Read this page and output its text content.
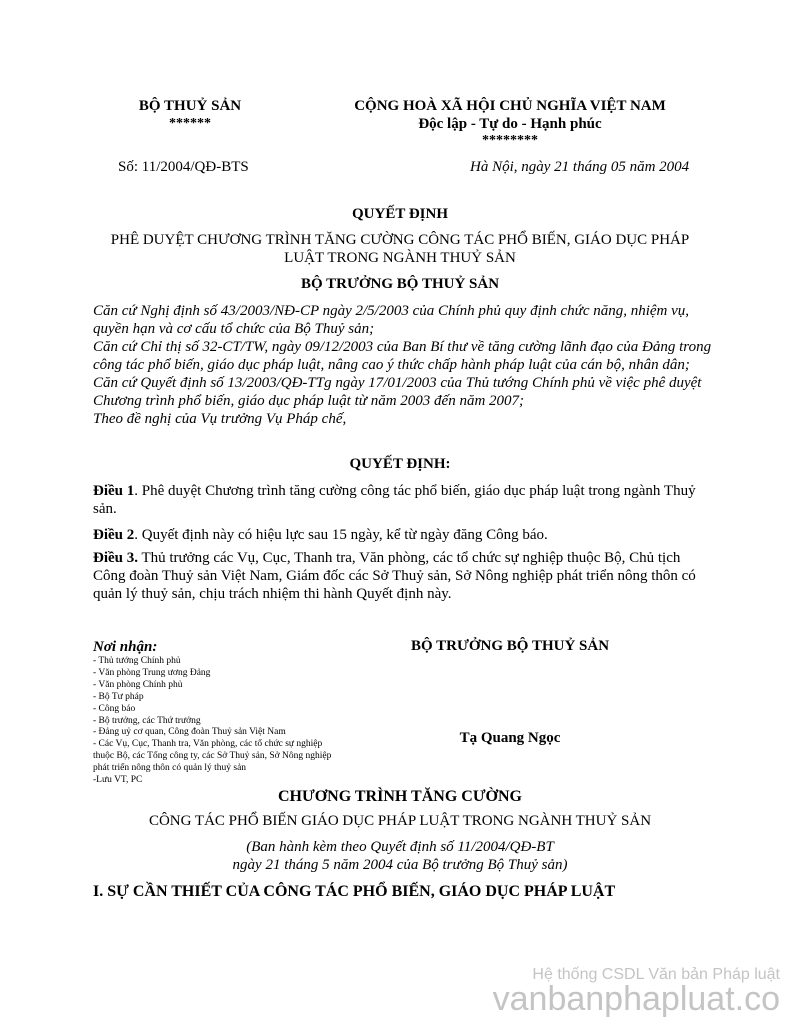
BỘ THUỶ SẢN
******
CỘNG HOÀ XÃ HỘI CHỦ NGHĨA VIỆT NAM
Độc lập - Tự do - Hạnh phúc
********
Số: 11/2004/QĐ-BTS	Hà Nội, ngày 21 tháng 05 năm 2004
QUYẾT ĐỊNH
PHÊ DUYỆT CHƯƠNG TRÌNH TĂNG CƯỜNG CÔNG TÁC PHỔ BIẾN, GIÁO DỤC PHÁP
LUẬT TRONG NGÀNH THUỶ SẢN
BỘ TRƯỞNG BỘ THUỶ SẢN
Căn cứ Nghị định số 43/2003/NĐ-CP ngày 2/5/2003 của Chính phủ quy định chức năng, nhiệm vụ, quyền hạn và cơ cấu tổ chức của Bộ Thuỷ sản;
Căn cứ Chỉ thị số 32-CT/TW, ngày 09/12/2003 của Ban Bí thư về tăng cường lãnh đạo của Đảng trong công tác phổ biến, giáo dục pháp luật, nâng cao ý thức chấp hành pháp luật của cán bộ, nhân dân;
Căn cứ Quyết định số 13/2003/QĐ-TTg ngày 17/01/2003 của Thủ tướng Chính phủ về việc phê duyệt Chương trình phổ biến, giáo dục pháp luật từ năm 2003 đến năm 2007;
Theo đề nghị của Vụ trưởng Vụ Pháp chế,
QUYẾT ĐỊNH:
Điều 1. Phê duyệt Chương trình tăng cường công tác phổ biến, giáo dục pháp luật trong ngành Thuỷ sản.
Điều 2. Quyết định này có hiệu lực sau 15 ngày, kể từ ngày đăng Công báo.
Điều 3. Thủ trưởng các Vụ, Cục, Thanh tra, Văn phòng, các tổ chức sự nghiệp thuộc Bộ, Chủ tịch Công đoàn Thuỷ sản Việt Nam, Giám đốc các Sở Thuỷ sản, Sở Nông nghiệp phát triển nông thôn có quản lý thuỷ sản, chịu trách nhiệm thi hành Quyết định này.
Nơi nhận:
- Thủ tướng Chính phủ
- Văn phòng Trung ương Đảng
- Văn phòng Chính phủ
- Bộ Tư pháp
- Công báo
- Bộ trưởng, các Thứ trưởng
- Đảng uỷ cơ quan, Công đoàn Thuỷ sản Việt Nam
- Các Vụ, Cục, Thanh tra, Văn phòng, các tổ chức sự nghiệp
thuộc Bộ, các Tổng công ty, các Sở Thuỷ sản, Sở Nông nghiệp
phát triển nông thôn có quản lý thuỷ sản
-Lưu VT, PC
BỘ TRƯỞNG BỘ THUỶ SẢN
Tạ Quang Ngọc
CHƯƠNG TRÌNH TĂNG CƯỜNG
CÔNG TÁC PHỔ BIẾN GIÁO DỤC PHÁP LUẬT TRONG NGÀNH THUỶ SẢN
(Ban hành kèm theo Quyết định số 11/2004/QĐ-BT
ngày 21 tháng 5 năm 2004 của Bộ trưởng Bộ Thuỷ sản)
I. SỰ CẦN THIẾT CỦA CÔNG TÁC PHỔ BIẾN, GIÁO DỤC PHÁP LUẬT
Hệ thống CSDL Văn bản Pháp luật
vanbanphapluat.co
